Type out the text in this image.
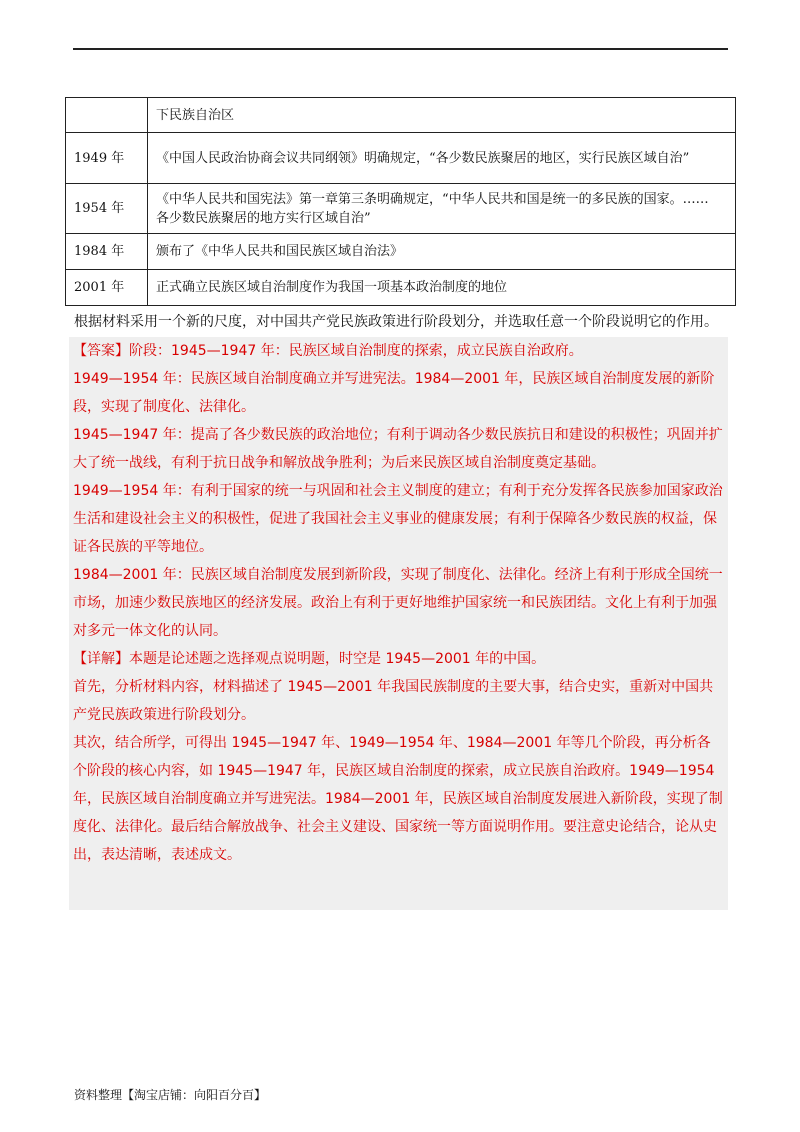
	下民族自治区
1949 年	《中国人民政治协商会议共同纲领》明确规定，“各少数民族聚居的地区，实行民族区域自治”
1954 年	《中华人民共和国宪法》第一章第三条明确规定，“中华人民共和国是统一的多民族的国家。……各少数民族聚居的地方实行区域自治”
1984 年	颁布了《中华人民共和国民族区域自治法》
2001 年	正式确立民族区域自治制度作为我国一项基本政治制度的地位
根据材料采用一个新的尺度，对中国共产党民族政策进行阶段划分，并选取任意一个阶段说明它的作用。

【答案】阶段：1945—1947 年：民族区域自治制度的探索，成立民族自治政府。

1949—1954 年：民族区域自治制度确立并写进宪法。1984—2001 年，民族区域自治制度发展的新阶段，实现了制度化、法律化。

1945—1947 年：提高了各少数民族的政治地位；有利于调动各少数民族抗日和建设的积极性；巩固并扩大了统一战线，有利于抗日战争和解放战争胜利；为后来民族区域自治制度奠定基础。

1949—1954 年：有利于国家的统一与巩固和社会主义制度的建立；有利于充分发挥各民族参加国家政治生活和建设社会主义的积极性，促进了我国社会主义事业的健康发展；有利于保障各少数民族的权益，保证各民族的平等地位。

1984—2001 年：民族区域自治制度发展到新阶段，实现了制度化、法律化。经济上有利于形成全国统一市场，加速少数民族地区的经济发展。政治上有利于更好地维护国家统一和民族团结。文化上有利于加强对多元一体文化的认同。

【详解】本题是论述题之选择观点说明题，时空是 1945—2001 年的中国。

首先，分析材料内容，材料描述了 1945—2001 年我国民族制度的主要大事，结合史实，重新对中国共产党民族政策进行阶段划分。

其次，结合所学，可得出 1945—1947 年、1949—1954 年、1984—2001 年等几个阶段，再分析各个阶段的核心内容，如 1945—1947 年，民族区域自治制度的探索，成立民族自治政府。1949—1954 年，民族区域自治制度确立并写进宪法。1984—2001 年，民族区域自治制度发展进入新阶段，实现了制度化、法律化。最后结合解放战争、社会主义建设、国家统一等方面说明作用。要注意史论结合，论从史出，表达清晰，表述成文。

资料整理【淘宝店铺：向阳百分百】
